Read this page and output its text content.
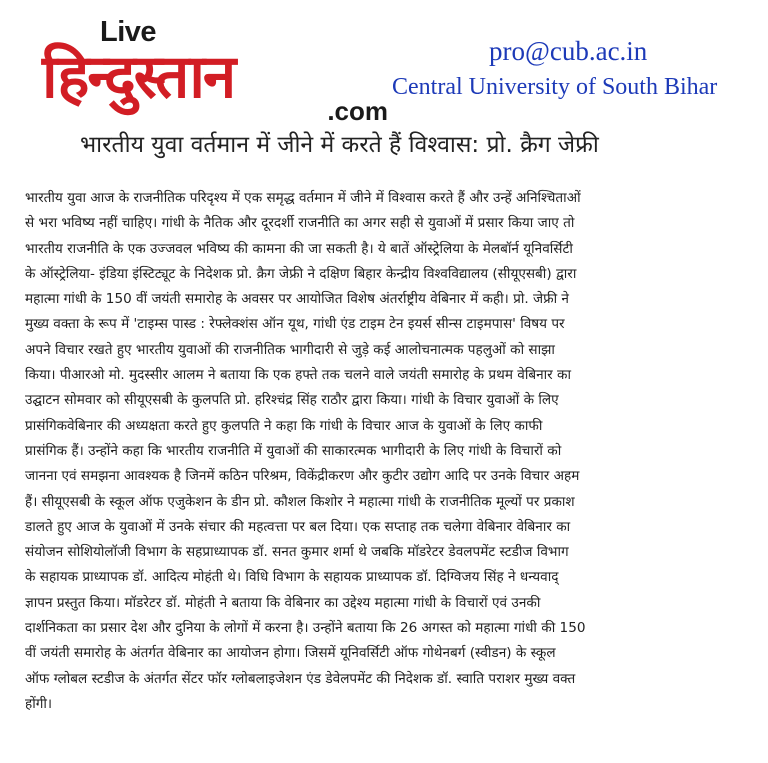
Live
हिन्दुस्तान	.com
pro@cub.ac.in
Central University of South Bihar
भारतीय युवा वर्तमान में जीने में करते हैं विश्वास: प्रो. क्रैग जेफ्री

भारतीय युवा आज के राजनीतिक परिदृश्य में एक समृद्ध वर्तमान में जीने में विश्वास करते हैं और उन्हें अनिश्चिताओं

से भरा भविष्य नहीं चाहिए। गांधी के नैतिक और दूरदर्शी राजनीति का अगर सही से युवाओं में प्रसार किया जाए तो

भारतीय राजनीति के एक उज्जवल भविष्य की कामना की जा सकती है। ये बातें ऑस्ट्रेलिया के मेलबॉर्न यूनिवर्सिटी

के ऑस्ट्रेलिया- इंडिया इंस्टिट्यूट के निदेशक प्रो. क्रैग जेफ्री ने दक्षिण बिहार केन्द्रीय विश्वविद्यालय (सीयूएसबी) द्वारा

महात्मा गांधी के 150 वीं जयंती समारोह के अवसर पर आयोजित विशेष अंतर्राष्ट्रीय वेबिनार में कही। प्रो. जेफ्री ने

मुख्य वक्ता के रूप में 'टाइम्स पास्ड : रेफ्लेक्शंस ऑन यूथ, गांधी एंड टाइम टेन इयर्स सीन्स टाइमपास' विषय पर

अपने विचार रखते हुए भारतीय युवाओं की राजनीतिक भागीदारी से जुड़े कई आलोचनात्मक पहलुओं को साझा

किया। पीआरओ मो. मुदस्सीर आलम ने बताया कि एक हफ्ते तक चलने वाले जयंती समारोह के प्रथम वेबिनार का

उद्घाटन सोमवार को सीयूएसबी के कुलपति प्रो. हरिश्चंद्र सिंह राठौर द्वारा किया। गांधी के विचार युवाओं के लिए

प्रासंगिकवेबिनार की अध्यक्षता करते हुए कुलपति ने कहा कि गांधी के विचार आज के युवाओं के लिए काफी

प्रासंगिक हैं। उन्होंने कहा कि भारतीय राजनीति में युवाओं की साकारत्मक भागीदारी के लिए गांधी के विचारों को

जानना एवं समझना आवश्यक है जिनमें कठिन परिश्रम, विकेंद्रीकरण और कुटीर उद्योग आदि पर उनके विचार अहम

हैं। सीयूएसबी के स्कूल ऑफ एजुकेशन के डीन प्रो. कौशल किशोर ने महात्मा गांधी के राजनीतिक मूल्यों पर प्रकाश

डालते हुए आज के युवाओं में उनके संचार की महत्वत्ता पर बल दिया। एक सप्ताह तक चलेगा वेबिनार वेबिनार का

संयोजन सोशियोलॉजी विभाग के सहप्राध्यापक डॉ. सनत कुमार शर्मा थे जबकि मॉडरेटर डेवलपमेंट स्टडीज विभाग

के सहायक प्राध्यापक डॉ. आदित्य मोहंती थे। विधि विभाग के सहायक प्राध्यापक डॉ. दिग्विजय सिंह ने धन्यवाद्

ज्ञापन प्रस्तुत किया। मॉडरेटर डॉ. मोहंती ने बताया कि वेबिनार का उद्देश्य महात्मा गांधी के विचारों एवं उनकी

दार्शनिकता का प्रसार देश और दुनिया के लोगों में करना है। उन्होंने बताया कि 26 अगस्त को महात्मा गांधी की 150

वीं जयंती समारोह के अंतर्गत वेबिनार का आयोजन होगा। जिसमें यूनिवर्सिटी ऑफ गोथेनबर्ग (स्वीडन) के स्कूल

ऑफ ग्लोबल स्टडीज के अंतर्गत सेंटर फॉर ग्लोबलाइजेशन एंड डेवेलपमेंट की निदेशक डॉ. स्वाति पराशर मुख्य वक्त

होंगी।
